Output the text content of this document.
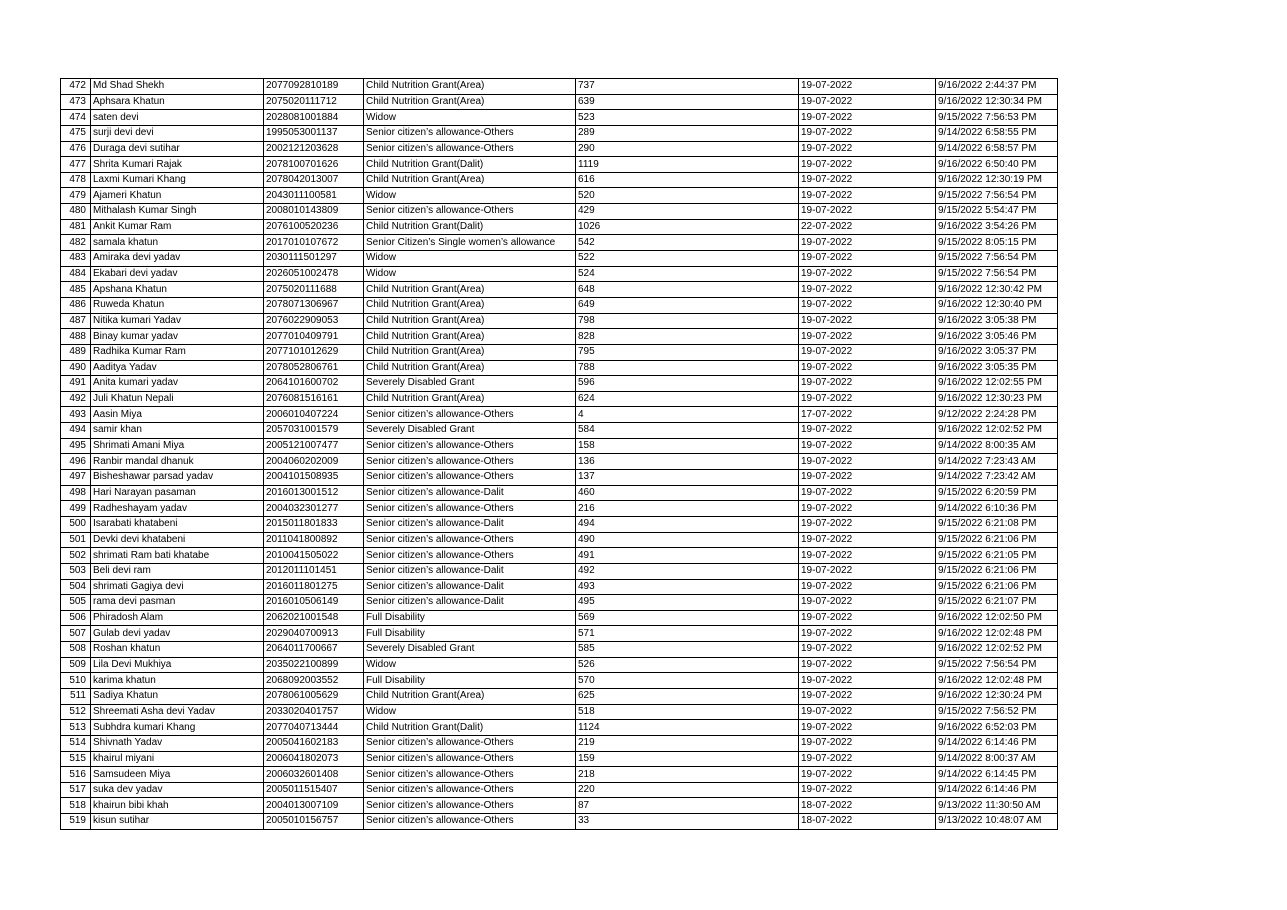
472	Md Shad Shekh	2077092810189	Child Nutrition Grant(Area)	737	19-07-2022	9/16/2022 2:44:37 PM
473	Aphsara Khatun	2075020111712	Child Nutrition Grant(Area)	639	19-07-2022	9/16/2022 12:30:34 PM
474	saten devi	2028081001884	Widow	523	19-07-2022	9/15/2022 7:56:53 PM
475	surji devi devi	1995053001137	Senior citizen’s allowance-Others	289	19-07-2022	9/14/2022 6:58:55 PM
476	Duraga devi sutihar	2002121203628	Senior citizen’s allowance-Others	290	19-07-2022	9/14/2022 6:58:57 PM
477	Shrita Kumari Rajak	2078100701626	Child Nutrition Grant(Dalit)	1119	19-07-2022	9/16/2022 6:50:40 PM
478	Laxmi Kumari Khang	2078042013007	Child Nutrition Grant(Area)	616	19-07-2022	9/16/2022 12:30:19 PM
479	Ajameri Khatun	2043011100581	Widow	520	19-07-2022	9/15/2022 7:56:54 PM
480	Mithalash Kumar Singh	2008010143809	Senior citizen’s allowance-Others	429	19-07-2022	9/15/2022 5:54:47 PM
481	Ankit Kumar Ram	2076100520236	Child Nutrition Grant(Dalit)	1026	22-07-2022	9/16/2022 3:54:26 PM
482	samala khatun	2017010107672	Senior Citizen’s Single women’s allowance	542	19-07-2022	9/15/2022 8:05:15 PM
483	Amiraka devi yadav	2030111501297	Widow	522	19-07-2022	9/15/2022 7:56:54 PM
484	Ekabari devi yadav	2026051002478	Widow	524	19-07-2022	9/15/2022 7:56:54 PM
485	Apshana Khatun	2075020111688	Child Nutrition Grant(Area)	648	19-07-2022	9/16/2022 12:30:42 PM
486	Ruweda Khatun	2078071306967	Child Nutrition Grant(Area)	649	19-07-2022	9/16/2022 12:30:40 PM
487	Nitika kumari Yadav	2076022909053	Child Nutrition Grant(Area)	798	19-07-2022	9/16/2022 3:05:38 PM
488	Binay kumar yadav	2077010409791	Child Nutrition Grant(Area)	828	19-07-2022	9/16/2022 3:05:46 PM
489	Radhika Kumar Ram	2077101012629	Child Nutrition Grant(Area)	795	19-07-2022	9/16/2022 3:05:37 PM
490	Aaditya Yadav	2078052806761	Child Nutrition Grant(Area)	788	19-07-2022	9/16/2022 3:05:35 PM
491	Anita kumari yadav	2064101600702	Severely Disabled Grant	596	19-07-2022	9/16/2022 12:02:55 PM
492	Juli Khatun Nepali	2076081516161	Child Nutrition Grant(Area)	624	19-07-2022	9/16/2022 12:30:23 PM
493	Aasin Miya	2006010407224	Senior citizen’s allowance-Others	4	17-07-2022	9/12/2022 2:24:28 PM
494	samir khan	2057031001579	Severely Disabled Grant	584	19-07-2022	9/16/2022 12:02:52 PM
495	Shrimati Amani Miya	2005121007477	Senior citizen’s allowance-Others	158	19-07-2022	9/14/2022 8:00:35 AM
496	Ranbir mandal dhanuk	2004060202009	Senior citizen’s allowance-Others	136	19-07-2022	9/14/2022 7:23:43 AM
497	Bisheshawar parsad yadav	2004101508935	Senior citizen’s allowance-Others	137	19-07-2022	9/14/2022 7:23:42 AM
498	Hari Narayan pasaman	2016013001512	Senior citizen’s allowance-Dalit	460	19-07-2022	9/15/2022 6:20:59 PM
499	Radheshayam yadav	2004032301277	Senior citizen’s allowance-Others	216	19-07-2022	9/14/2022 6:10:36 PM
500	Isarabati khatabeni	2015011801833	Senior citizen’s allowance-Dalit	494	19-07-2022	9/15/2022 6:21:08 PM
501	Devki devi khatabeni	2011041800892	Senior citizen’s allowance-Others	490	19-07-2022	9/15/2022 6:21:06 PM
502	shrimati Ram bati khatabe	2010041505022	Senior citizen’s allowance-Others	491	19-07-2022	9/15/2022 6:21:05 PM
503	Beli devi ram	2012011101451	Senior citizen’s allowance-Dalit	492	19-07-2022	9/15/2022 6:21:06 PM
504	shrimati Gagiya devi	2016011801275	Senior citizen’s allowance-Dalit	493	19-07-2022	9/15/2022 6:21:06 PM
505	rama devi pasman	2016010506149	Senior citizen’s allowance-Dalit	495	19-07-2022	9/15/2022 6:21:07 PM
506	Phiradosh Alam	2062021001548	Full Disability	569	19-07-2022	9/16/2022 12:02:50 PM
507	Gulab devi yadav	2029040700913	Full Disability	571	19-07-2022	9/16/2022 12:02:48 PM
508	Roshan khatun	2064011700667	Severely Disabled Grant	585	19-07-2022	9/16/2022 12:02:52 PM
509	Lila Devi Mukhiya	2035022100899	Widow	526	19-07-2022	9/15/2022 7:56:54 PM
510	karima khatun	2068092003552	Full Disability	570	19-07-2022	9/16/2022 12:02:48 PM
511	Sadiya Khatun	2078061005629	Child Nutrition Grant(Area)	625	19-07-2022	9/16/2022 12:30:24 PM
512	Shreemati Asha devi Yadav	2033020401757	Widow	518	19-07-2022	9/15/2022 7:56:52 PM
513	Subhdra kumari Khang	2077040713444	Child Nutrition Grant(Dalit)	1124	19-07-2022	9/16/2022 6:52:03 PM
514	Shivnath Yadav	2005041602183	Senior citizen’s allowance-Others	219	19-07-2022	9/14/2022 6:14:46 PM
515	khairul miyani	2006041802073	Senior citizen’s allowance-Others	159	19-07-2022	9/14/2022 8:00:37 AM
516	Samsudeen Miya	2006032601408	Senior citizen’s allowance-Others	218	19-07-2022	9/14/2022 6:14:45 PM
517	suka dev yadav	2005011515407	Senior citizen’s allowance-Others	220	19-07-2022	9/14/2022 6:14:46 PM
518	khairun bibi khah	2004013007109	Senior citizen’s allowance-Others	87	18-07-2022	9/13/2022 11:30:50 AM
519	kisun sutihar	2005010156757	Senior citizen’s allowance-Others	33	18-07-2022	9/13/2022 10:48:07 AM
